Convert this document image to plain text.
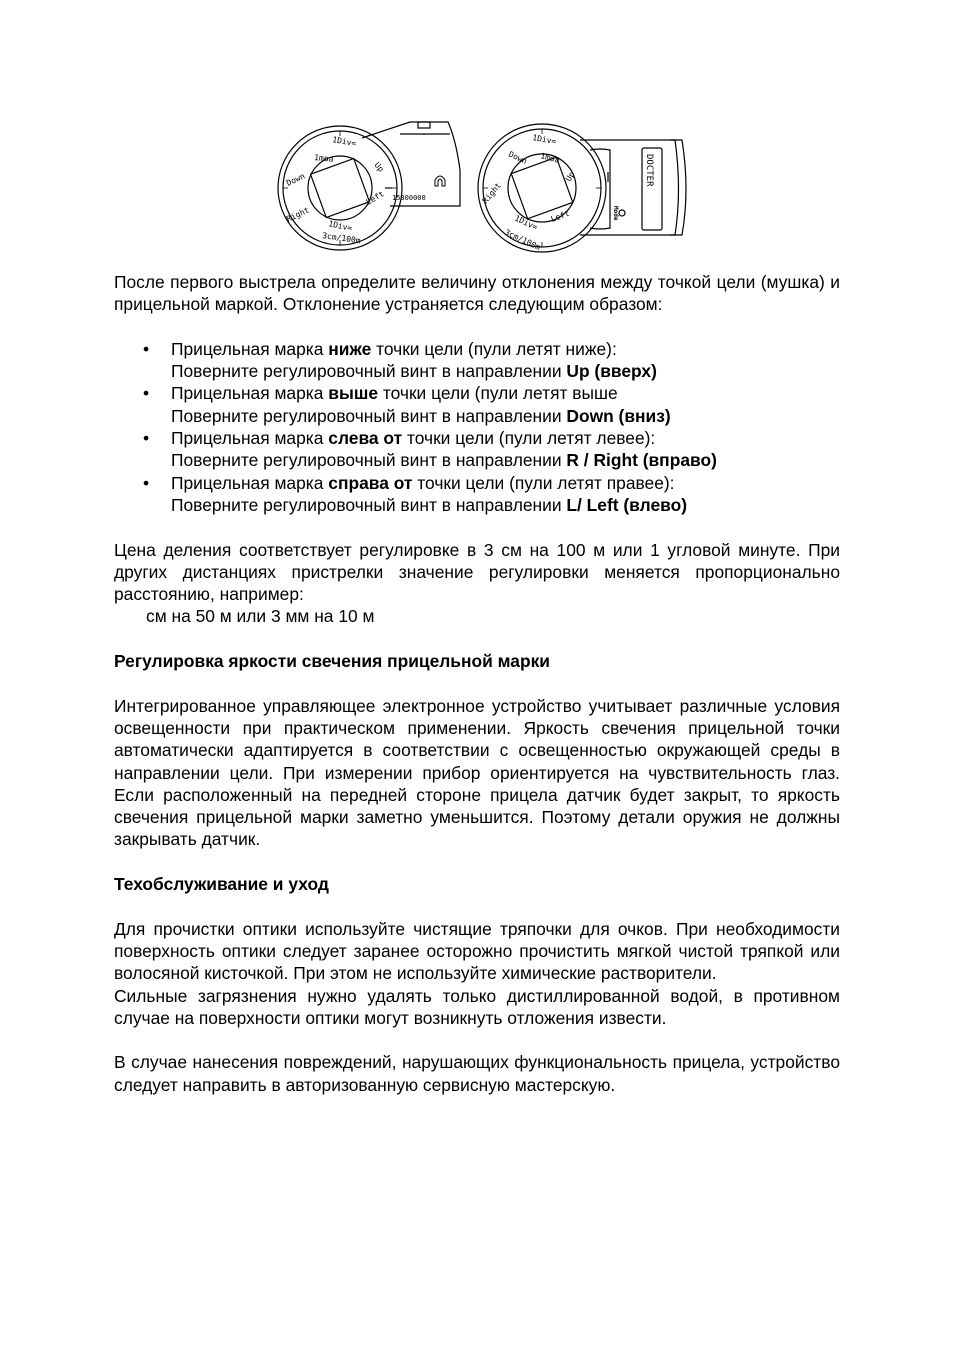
1Div=
1moa
Down
Up
Right
Left
1Div=
3cm/100m
15800000
1Div=
1moa
Down
Up
Right
Left
1Div=
3cm/100m
Mode
DOCTER

После первого выстрела определите величину отклонения между точкой цели (мушка) и прицельной маркой. Отклонение устраняется следующим образом:

• Прицельная марка ниже точки цели (пули летят ниже):
Поверните регулировочный винт в направлении Up (вверх)
• Прицельная марка выше точки цели (пули летят выше
Поверните регулировочный винт в направлении Down (вниз)
• Прицельная марка слева от точки цели (пули летят левее):
Поверните регулировочный винт в направлении R / Right (вправо)
• Прицельная марка справа от точки цели (пули летят правее):
Поверните регулировочный винт в направлении L/ Left (влево)

Цена деления соответствует регулировке в 3 см на 100 м или 1 угловой минуте. При других дистанциях пристрелки значение регулировки меняется пропорционально расстоянию, например:

см на 50 м или 3 мм на 10 м

Регулировка яркости свечения прицельной марки

Интегрированное управляющее электронное устройство учитывает различные условия освещенности при практическом применении. Яркость свечения прицельной точки автоматически адаптируется в соответствии с освещенностью окружающей среды в направлении цели. При измерении прибор ориентируется на чувствительность глаз. Если расположенный на передней стороне прицела датчик будет закрыт, то яркость свечения прицельной марки заметно уменьшится. Поэтому детали оружия не должны закрывать датчик.

Техобслуживание и уход

Для прочистки оптики используйте чистящие тряпочки для очков. При необходимости поверхность оптики следует заранее осторожно прочистить мягкой чистой тряпкой или волосяной кисточкой. При этом не используйте химические растворители.

Сильные загрязнения нужно удалять только дистиллированной водой, в противном случае на поверхности оптики могут возникнуть отложения извести.

В случае нанесения повреждений, нарушающих функциональность прицела, устройство следует направить в авторизованную сервисную мастерскую.
